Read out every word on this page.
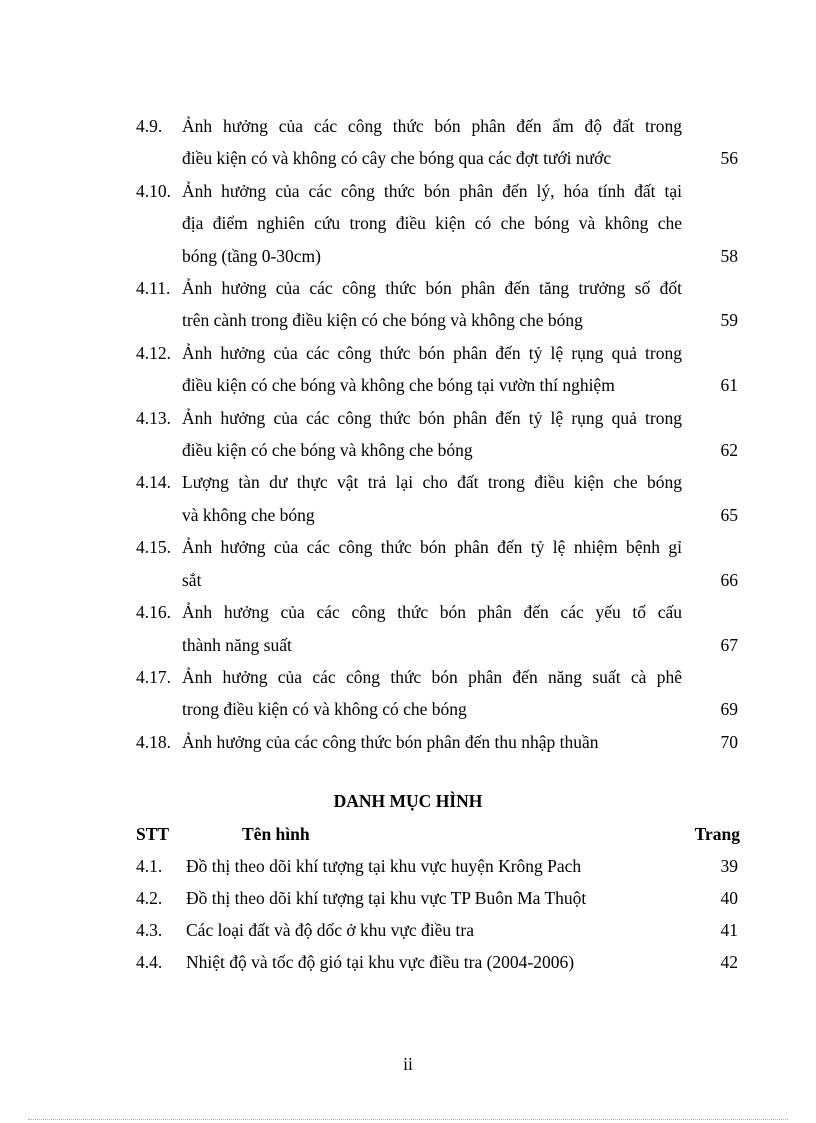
4.9.	Ảnh hưởng của các công thức bón phân đến ẩm độ đất trong
điều kiện có và không có cây che bóng qua các đợt tưới nước	56
4.10. Ảnh hưởng của các công thức bón phân đến lý, hóa tính đất tại
địa điểm nghiên cứu trong điều kiện có che bóng và không che
bóng (tầng 0-30cm)	58
4.11. Ảnh hưởng của các công thức bón phân đến tăng trưởng số đốt
trên cành trong điều kiện có che bóng và không che bóng	59
4.12. Ảnh hưởng của các công thức bón phân đến tỷ lệ rụng quả trong
điều kiện có che bóng và không che bóng tại vườn thí nghiệm	61
4.13. Ảnh hưởng của các công thức bón phân đến tỷ lệ rụng quả trong
điều kiện có che bóng và không che bóng	62
4.14. Lượng tàn dư thực vật trả lại cho đất trong điều kiện che bóng
và không che bóng	65
4.15. Ảnh hưởng của các công thức bón phân đến tỷ lệ nhiệm bệnh gỉ
sắt	66
4.16. Ảnh hưởng của các công thức bón phân đến các yếu tố cấu
thành năng suất	67
4.17. Ảnh hưởng của các công thức bón phân đến năng suất cà phê
trong điều kiện có và không có che bóng	69
4.18. Ảnh hưởng của các công thức bón phân đến thu nhập thuần	70
DANH MỤC HÌNH
STT	Tên hình	Trang
4.1. Đồ thị theo dõi khí tượng tại khu vực huyện Krông Pach	39
4.2. Đồ thị theo dõi khí tượng tại khu vực TP Buôn Ma Thuột	40
4.3. Các loại đất và độ dốc ở khu vực điều tra	41
4.4. Nhiệt độ và tốc độ gió tại khu vực điều tra (2004-2006)	42
ii
